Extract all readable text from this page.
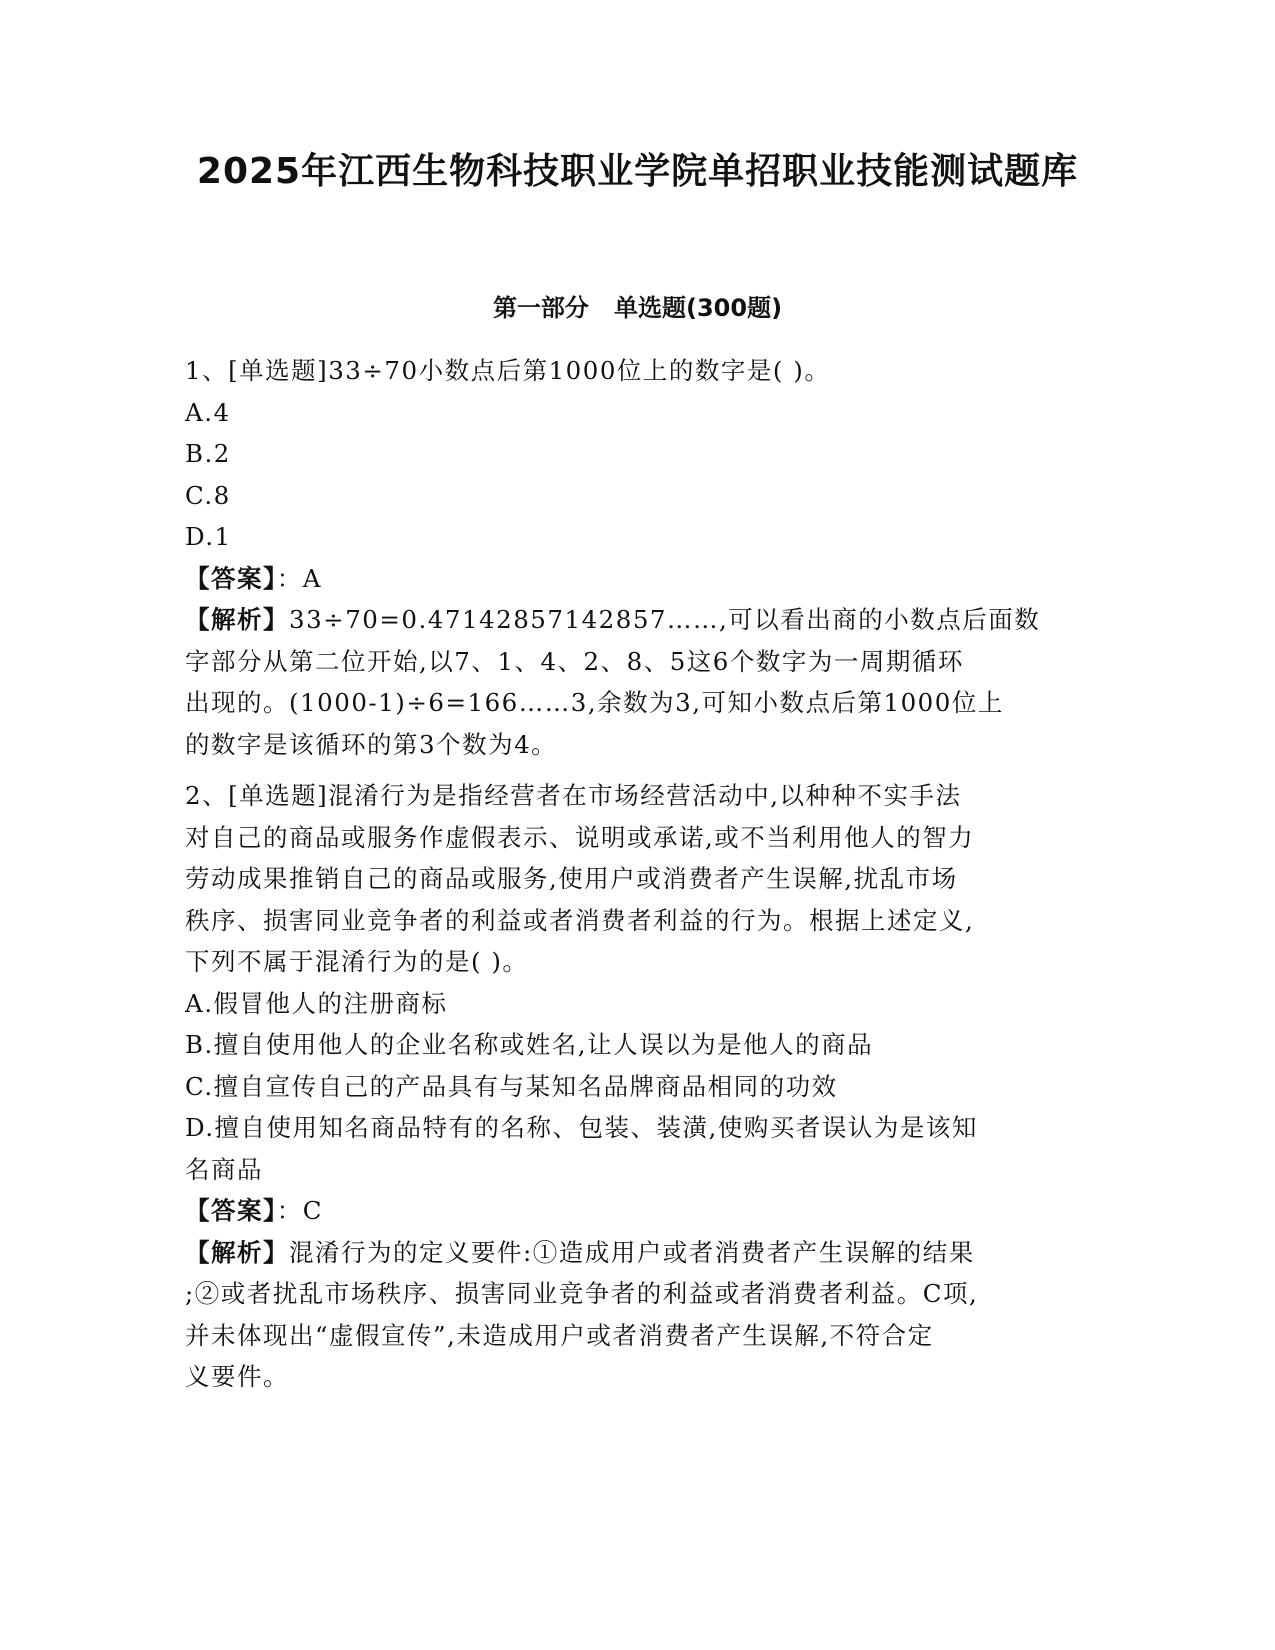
2025年江西生物科技职业学院单招职业技能测试题库
第一部分   单选题(300题)
1、[单选题]33÷70小数点后第1000位上的数字是( )。
A.4
B.2
C.8
D.1
【答案】：A
【解析】33÷70=0.47142857142857……,可以看出商的小数点后面数
字部分从第二位开始,以7、1、4、2、8、5这6个数字为一周期循环
出现的。(1000-1)÷6=166……3,余数为3,可知小数点后第1000位上
的数字是该循环的第3个数为4。
2、[单选题]混淆行为是指经营者在市场经营活动中,以种种不实手法
对自己的商品或服务作虚假表示、说明或承诺,或不当利用他人的智力
劳动成果推销自己的商品或服务,使用户或消费者产生误解,扰乱市场
秩序、损害同业竞争者的利益或者消费者利益的行为。根据上述定义,
下列不属于混淆行为的是( )。
A.假冒他人的注册商标
B.擅自使用他人的企业名称或姓名,让人误以为是他人的商品
C.擅自宣传自己的产品具有与某知名品牌商品相同的功效
D.擅自使用知名商品特有的名称、包装、装潢,使购买者误认为是该知
名商品
【答案】：C
【解析】混淆行为的定义要件:①造成用户或者消费者产生误解的结果
;②或者扰乱市场秩序、损害同业竞争者的利益或者消费者利益。C项,
并未体现出“虚假宣传”,未造成用户或者消费者产生误解,不符合定
义要件。
